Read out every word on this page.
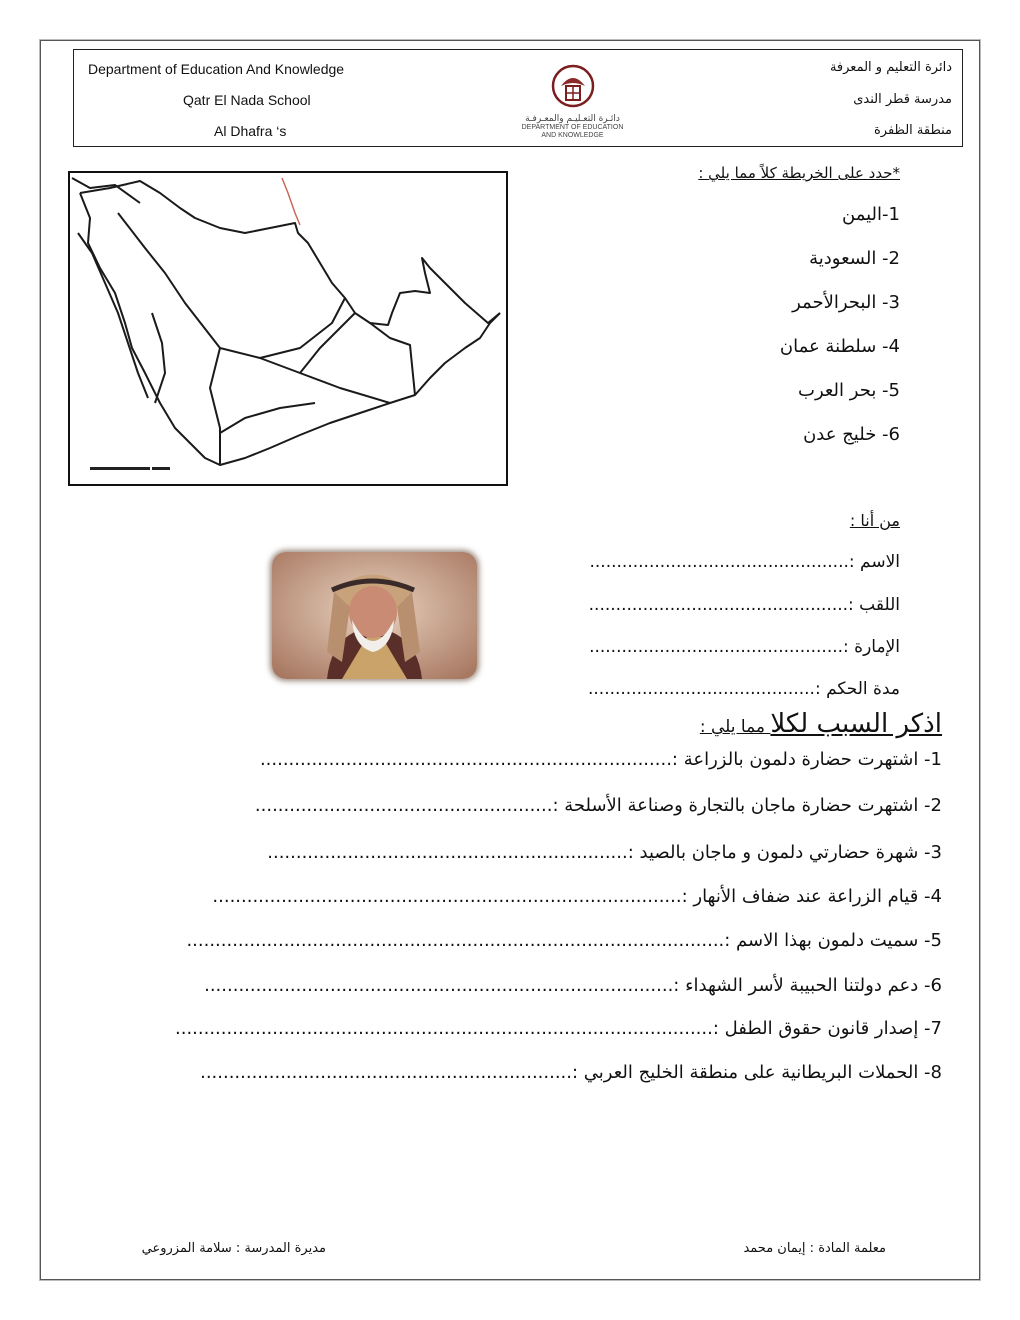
Department of Education And Knowledge
Qatr El Nada School
Al Dhafra ‘s
دائرة التعليم و المعرفة
مدرسة قطر الندى
منطقة الظفرة
دائـرة التعـليـم والمعـرفـة
DEPARTMENT OF EDUCATION
AND KNOWLEDGE
*حدد على الخريطة كلاً مما يلي :
1-اليمن
2- السعودية
3- البحرالأحمر
4- سلطنة عمان
5- بحر العرب
6- خليج عدن
من أنا :
الاسم :................................................
اللقب :................................................
الإمارة :...............................................
مدة الحكم :..........................................
اذكر السبب لكلا مما يلي :
1- اشتهرت حضارة دلمون بالزراعة :........................................................................
2- اشتهرت حضارة ماجان بالتجارة وصناعة الأسلحة :....................................................
3- شهرة حضارتي دلمون و ماجان بالصيد :...............................................................
4- قيام الزراعة عند ضفاف الأنهار :..................................................................................
5- سميت دلمون بهذا الاسم :..............................................................................................
6- دعم دولتنا الحبيبة لأسر الشهداء :..................................................................................
7- إصدار قانون حقوق الطفل :..............................................................................................
8- الحملات البريطانية على منطقة الخليج العربي :.................................................................
معلمة المادة : إيمان محمد
مديرة المدرسة : سلامة المزروعي
